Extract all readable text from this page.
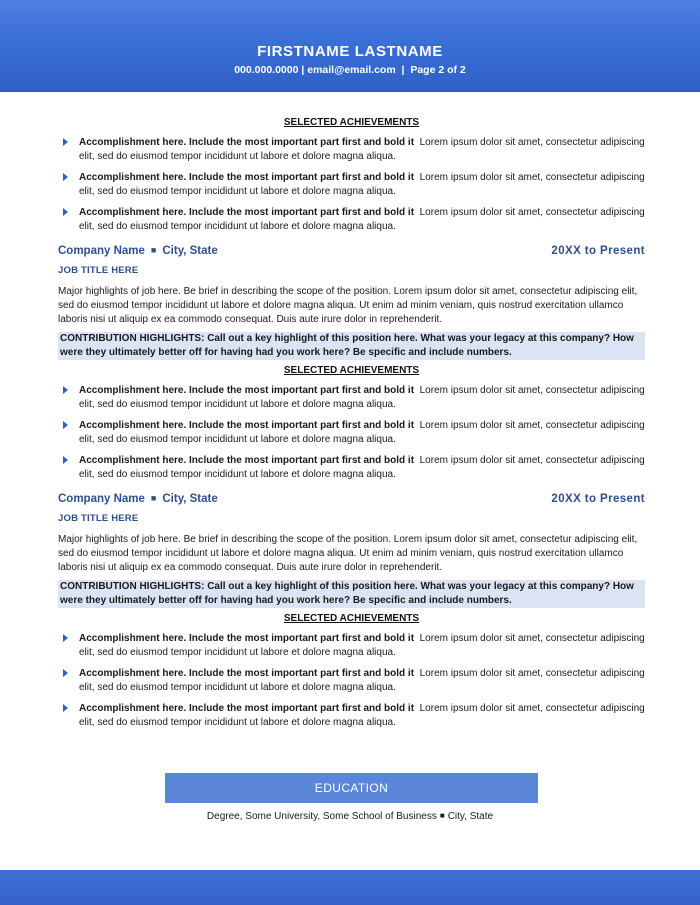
FIRSTNAME LASTNAME
000.000.0000 | email@email.com | Page 2 of 2
SELECTED ACHIEVEMENTS
Accomplishment here. Include the most important part first and bold it Lorem ipsum dolor sit amet, consectetur adipiscing elit, sed do eiusmod tempor incididunt ut labore et dolore magna aliqua.
Accomplishment here. Include the most important part first and bold it Lorem ipsum dolor sit amet, consectetur adipiscing elit, sed do eiusmod tempor incididunt ut labore et dolore magna aliqua.
Accomplishment here. Include the most important part first and bold it Lorem ipsum dolor sit amet, consectetur adipiscing elit, sed do eiusmod tempor incididunt ut labore et dolore magna aliqua.
Company Name ■ City, State	20XX to Present
JOB TITLE HERE
Major highlights of job here. Be brief in describing the scope of the position. Lorem ipsum dolor sit amet, consectetur adipiscing elit, sed do eiusmod tempor incididunt ut labore et dolore magna aliqua. Ut enim ad minim veniam, quis nostrud exercitation ullamco laboris nisi ut aliquip ex ea commodo consequat. Duis aute irure dolor in reprehenderit.
CONTRIBUTION HIGHLIGHTS: Call out a key highlight of this position here. What was your legacy at this company? How were they ultimately better off for having had you work here? Be specific and include numbers.
SELECTED ACHIEVEMENTS
Accomplishment here. Include the most important part first and bold it Lorem ipsum dolor sit amet, consectetur adipiscing elit, sed do eiusmod tempor incididunt ut labore et dolore magna aliqua.
Accomplishment here. Include the most important part first and bold it Lorem ipsum dolor sit amet, consectetur adipiscing elit, sed do eiusmod tempor incididunt ut labore et dolore magna aliqua.
Accomplishment here. Include the most important part first and bold it Lorem ipsum dolor sit amet, consectetur adipiscing elit, sed do eiusmod tempor incididunt ut labore et dolore magna aliqua.
Company Name ■ City, State	20XX to Present
JOB TITLE HERE
Major highlights of job here. Be brief in describing the scope of the position. Lorem ipsum dolor sit amet, consectetur adipiscing elit, sed do eiusmod tempor incididunt ut labore et dolore magna aliqua. Ut enim ad minim veniam, quis nostrud exercitation ullamco laboris nisi ut aliquip ex ea commodo consequat. Duis aute irure dolor in reprehenderit.
CONTRIBUTION HIGHLIGHTS: Call out a key highlight of this position here. What was your legacy at this company? How were they ultimately better off for having had you work here? Be specific and include numbers.
SELECTED ACHIEVEMENTS
Accomplishment here. Include the most important part first and bold it Lorem ipsum dolor sit amet, consectetur adipiscing elit, sed do eiusmod tempor incididunt ut labore et dolore magna aliqua.
Accomplishment here. Include the most important part first and bold it Lorem ipsum dolor sit amet, consectetur adipiscing elit, sed do eiusmod tempor incididunt ut labore et dolore magna aliqua.
Accomplishment here. Include the most important part first and bold it Lorem ipsum dolor sit amet, consectetur adipiscing elit, sed do eiusmod tempor incididunt ut labore et dolore magna aliqua.
EDUCATION
Degree, Some University, Some School of Business ■ City, State
